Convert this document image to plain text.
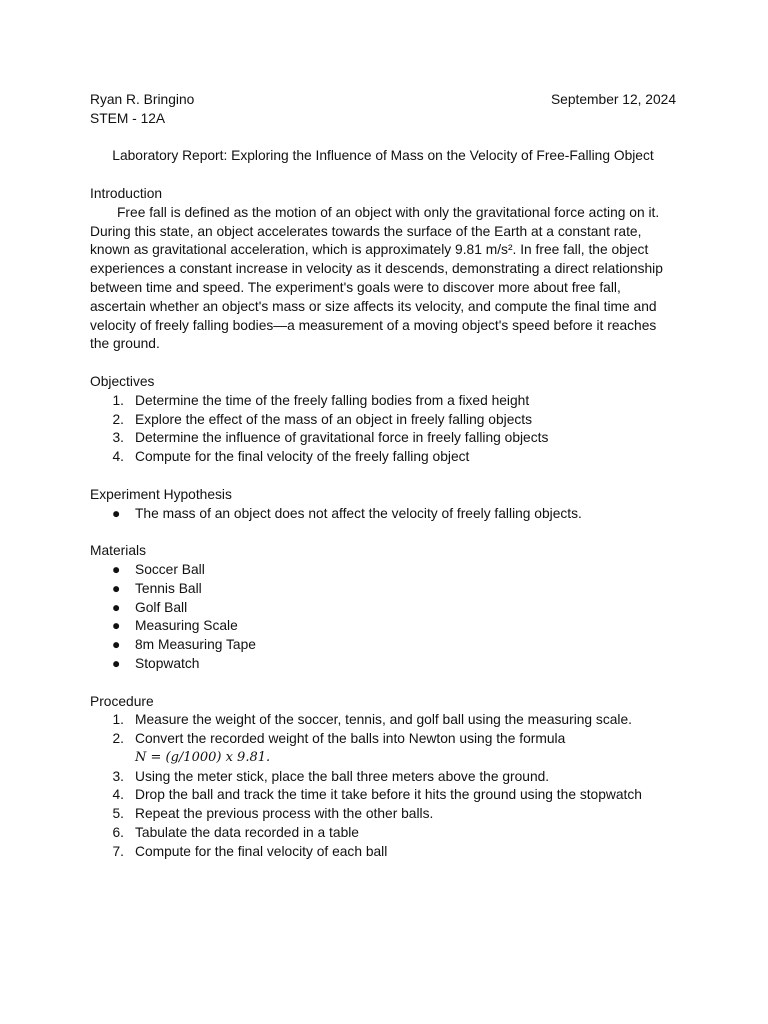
Ryan R. Bringino	September 12, 2024
STEM - 12A
Laboratory Report: Exploring the Influence of Mass on the Velocity of Free-Falling Object
Introduction

Free fall is defined as the motion of an object with only the gravitational force acting on it. During this state, an object accelerates towards the surface of the Earth at a constant rate, known as gravitational acceleration, which is approximately 9.81 m/s². In free fall, the object experiences a constant increase in velocity as it descends, demonstrating a direct relationship between time and speed. The experiment's goals were to discover more about free fall, ascertain whether an object's mass or size affects its velocity, and compute the final time and velocity of freely falling bodies—a measurement of a moving object's speed before it reaches the ground.

Objectives
1. Determine the time of the freely falling bodies from a fixed height
2. Explore the effect of the mass of an object in freely falling objects
3. Determine the influence of gravitational force in freely falling objects
4. Compute for the final velocity of the freely falling object
Experiment Hypothesis
● The mass of an object does not affect the velocity of freely falling objects.
Materials
● Soccer Ball
● Tennis Ball
● Golf Ball
● Measuring Scale
● 8m Measuring Tape
● Stopwatch
Procedure
1. Measure the weight of the soccer, tennis, and golf ball using the measuring scale.
2. Convert the recorded weight of the balls into Newton using the formula
N = (g/1000) x 9.81.
3. Using the meter stick, place the ball three meters above the ground.
4. Drop the ball and track the time it take before it hits the ground using the stopwatch
5. Repeat the previous process with the other balls.
6. Tabulate the data recorded in a table
7. Compute for the final velocity of each ball
